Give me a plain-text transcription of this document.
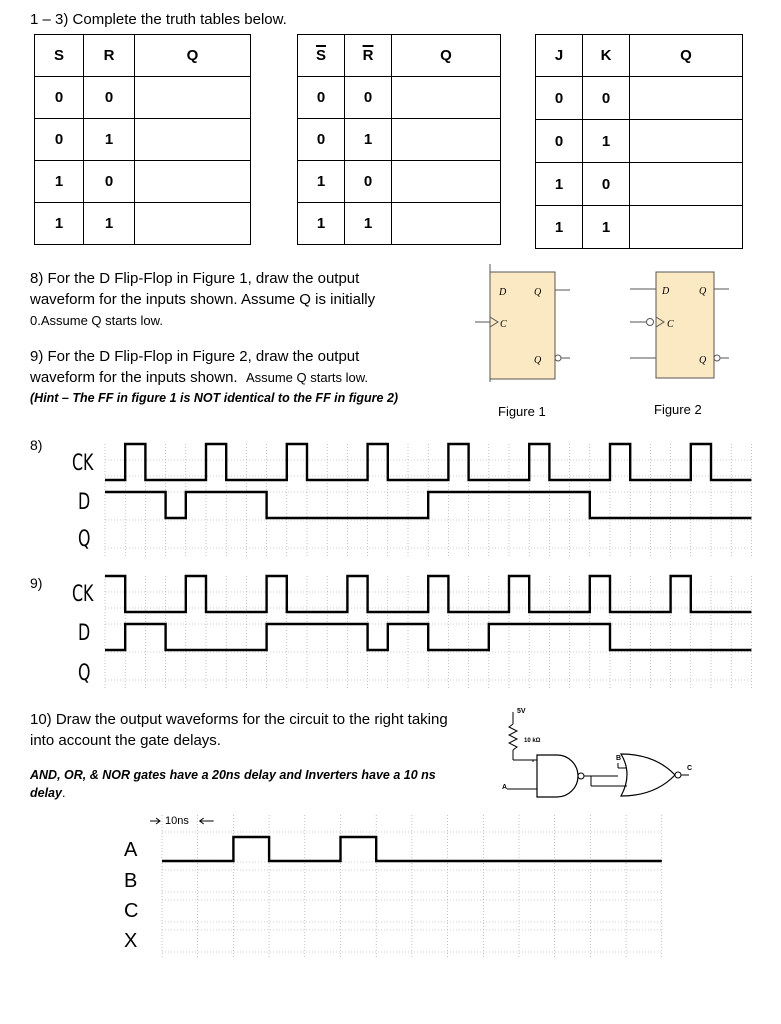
1 – 3) Complete the truth tables below.
S	R	Q
0	0	
0	1	
1	0	
1	1	
$\overline{S}$	$\overline{R}$	Q
0	0	
0	1	
1	0	
1	1	
J	K	Q
0	0	
0	1	
1	0	
1	1	
8) For the D Flip-Flop in Figure 1, draw the output
waveform for the inputs shown. Assume Q is initially
0.Assume Q starts low.
9) For the D Flip-Flop in Figure 2, draw the output
waveform for the inputs shown. Assume Q starts low.
(Hint – The FF in figure 1 is NOT identical to the FF in figure 2)
D	Q
C
Q
Figure 1
D	Q
C
Q
Figure 2
8)
CK
D
Q
9) CK
D
Q
10) Draw the output waveforms for the circuit to the right taking
into account the gate delays.
AND, OR, & NOR gates have a 20ns delay and Inverters have a 10 ns
delay.
5V
10 kΩ
A
B
C
10ns
A
B
C
X
